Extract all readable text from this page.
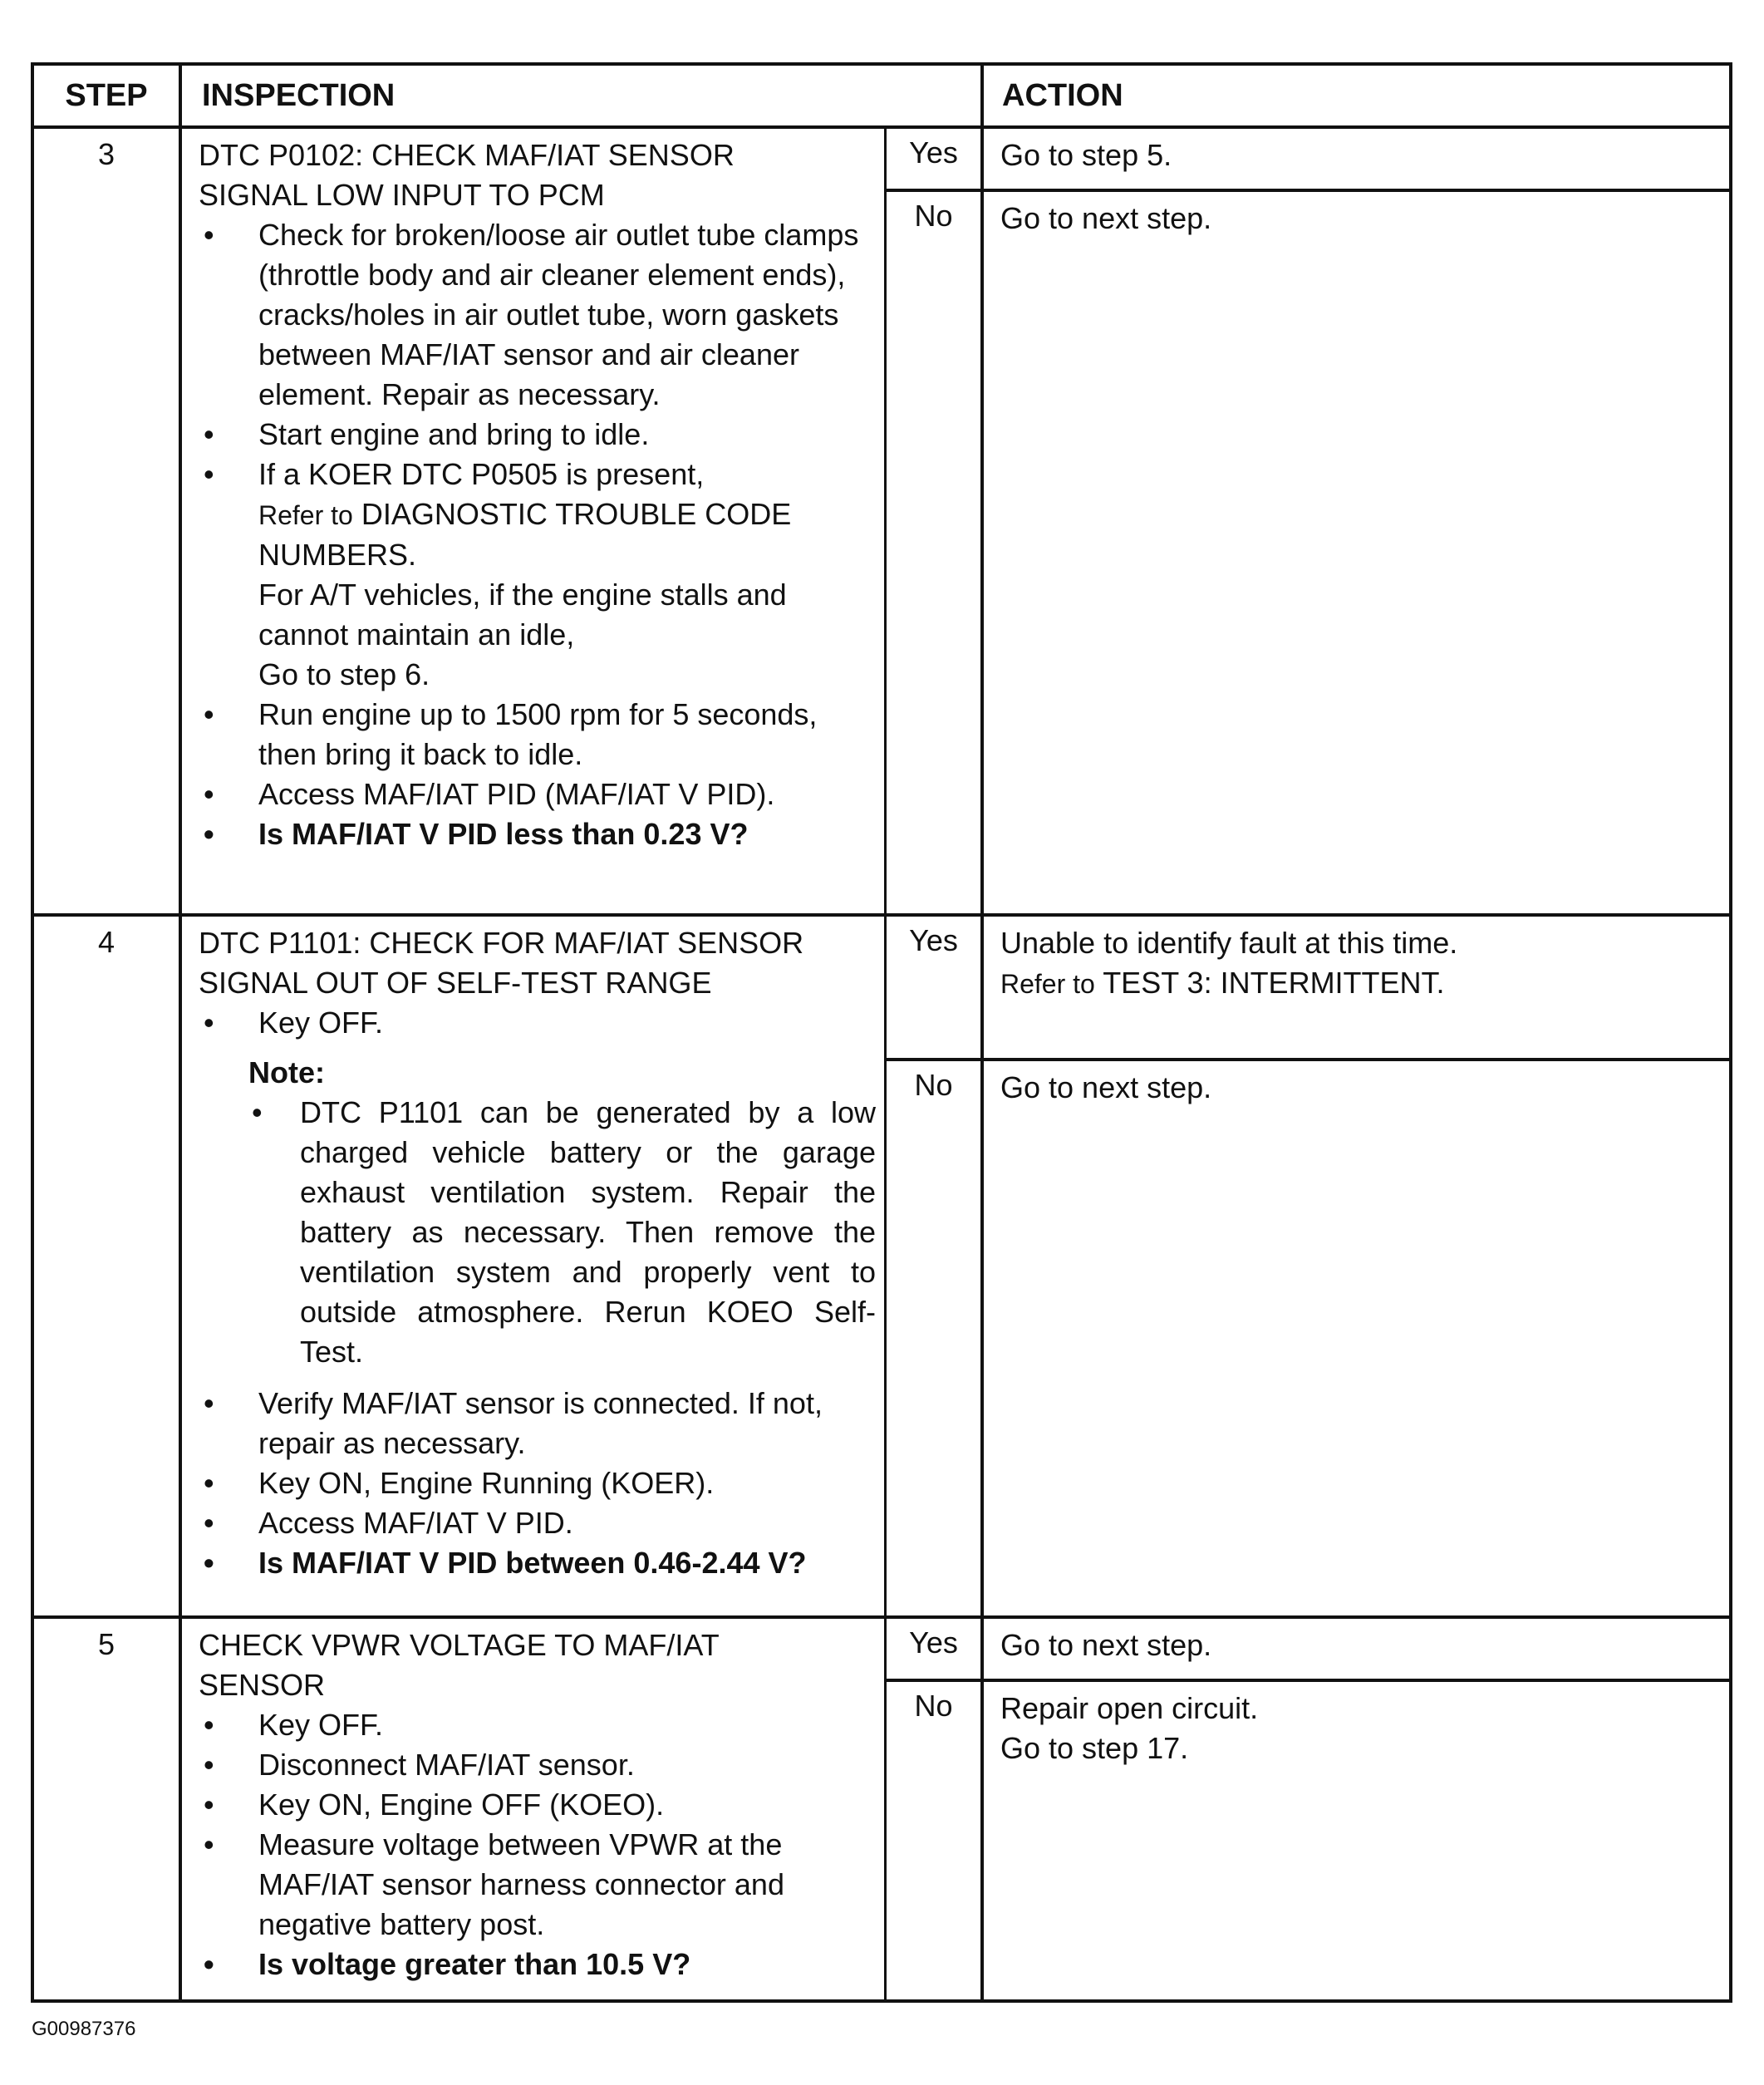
STEP	INSPECTION	ACTION
3	DTC P0102: CHECK MAF/IAT SENSOR
SIGNAL LOW INPUT TO PCM
• Check for broken/loose air outlet tube clamps (throttle body and air cleaner element ends), cracks/holes in air outlet tube, worn gaskets between MAF/IAT sensor and air cleaner element. Repair as necessary.
• Start engine and bring to idle.
• If a KOER DTC P0505 is present,
Refer to DIAGNOSTIC TROUBLE CODE NUMBERS.
For A/T vehicles, if the engine stalls and cannot maintain an idle,
Go to step 6.
• Run engine up to 1500 rpm for 5 seconds, then bring it back to idle.
• Access MAF/IAT PID (MAF/IAT V PID).
• Is MAF/IAT V PID less than 0.23 V?
Yes	Go to step 5.
No	Go to next step.
4	DTC P1101: CHECK FOR MAF/IAT SENSOR
SIGNAL OUT OF SELF-TEST RANGE
• Key OFF.
Note:
• DTC P1101 can be generated by a low charged vehicle battery or the garage exhaust ventilation system. Repair the battery as necessary. Then remove the ventilation system and properly vent to outside atmosphere. Rerun KOEO Self-Test.
• Verify MAF/IAT sensor is connected. If not, repair as necessary.
• Key ON, Engine Running (KOER).
• Access MAF/IAT V PID.
• Is MAF/IAT V PID between 0.46-2.44 V?
Yes	Unable to identify fault at this time.
Refer to TEST 3: INTERMITTENT.
No	Go to next step.
5	CHECK VPWR VOLTAGE TO MAF/IAT
SENSOR
• Key OFF.
• Disconnect MAF/IAT sensor.
• Key ON, Engine OFF (KOEO).
• Measure voltage between VPWR at the MAF/IAT sensor harness connector and negative battery post.
• Is voltage greater than 10.5 V?
Yes	Go to next step.
No	Repair open circuit.
Go to step 17.
G00987376
